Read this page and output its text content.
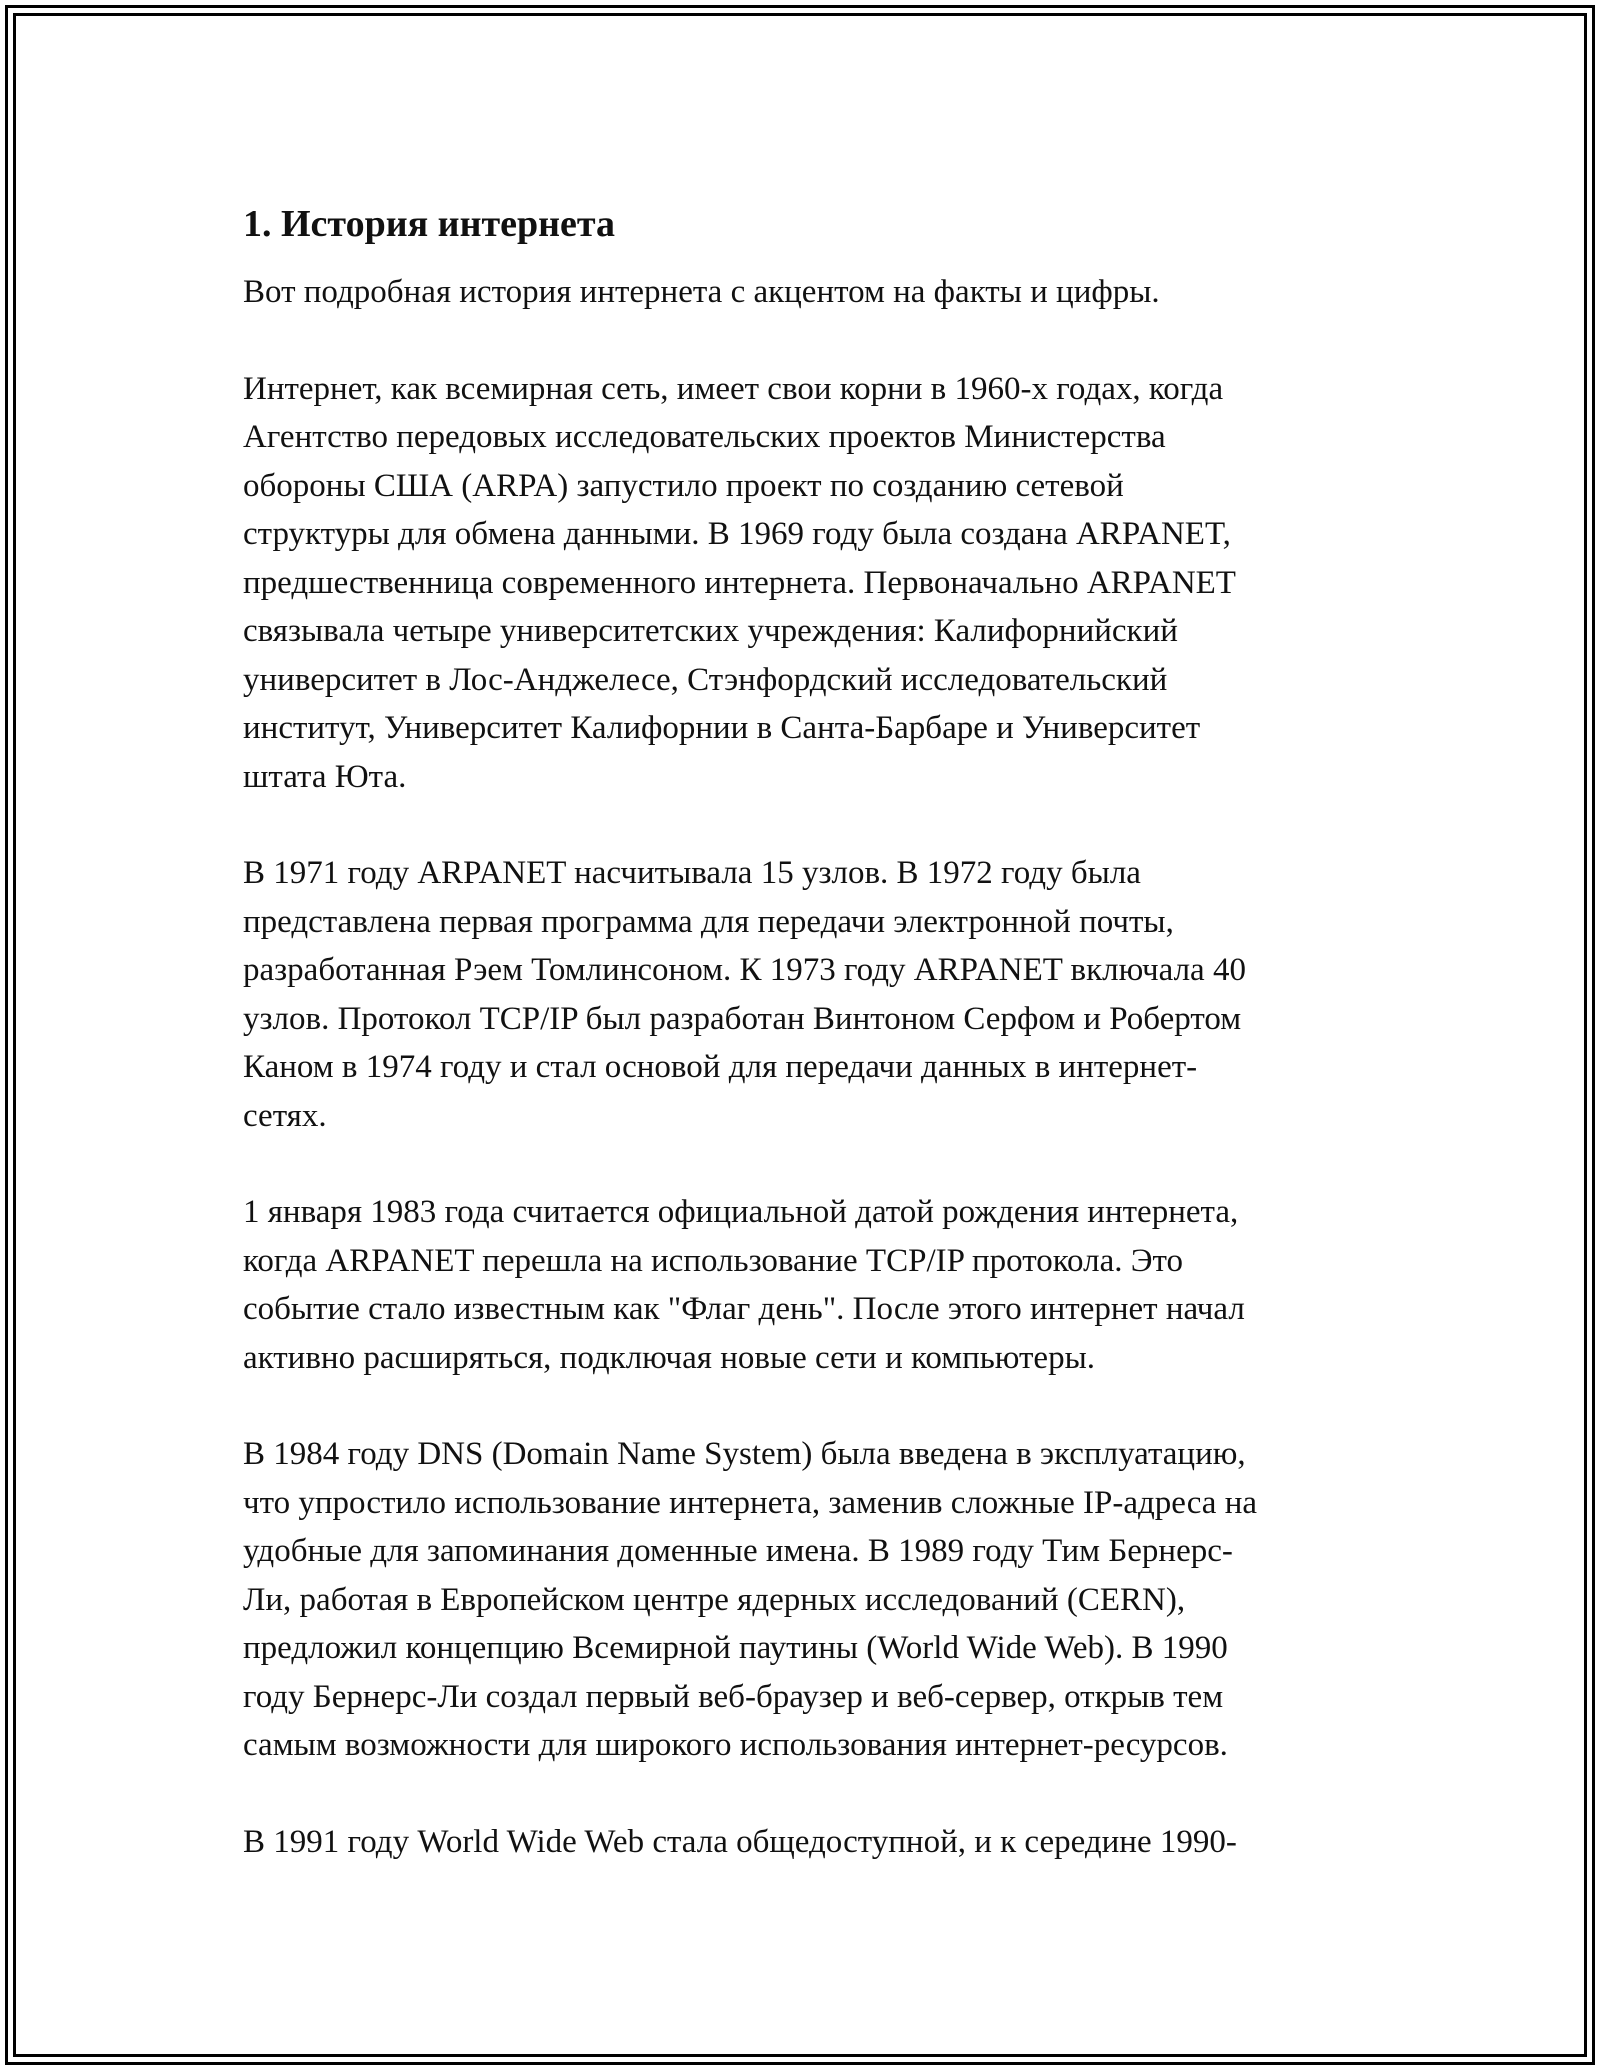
1. История интернета
Вот подробная история интернета с акцентом на факты и цифры.
Интернет, как всемирная сеть, имеет свои корни в 1960-х годах, когда
Агентство передовых исследовательских проектов Министерства
обороны США (ARPA) запустило проект по созданию сетевой
структуры для обмена данными. В 1969 году была создана ARPANET,
предшественница современного интернета. Первоначально ARPANET
связывала четыре университетских учреждения: Калифорнийский
университет в Лос-Анджелесе, Стэнфордский исследовательский
институт, Университет Калифорнии в Санта-Барбаре и Университет
штата Юта.
В 1971 году ARPANET насчитывала 15 узлов. В 1972 году была
представлена первая программа для передачи электронной почты,
разработанная Рэем Томлинсоном. К 1973 году ARPANET включала 40
узлов. Протокол TCP/IP был разработан Винтоном Серфом и Робертом
Каном в 1974 году и стал основой для передачи данных в интернет-
сетях.
1 января 1983 года считается официальной датой рождения интернета,
когда ARPANET перешла на использование TCP/IP протокола. Это
событие стало известным как "Флаг день". После этого интернет начал
активно расширяться, подключая новые сети и компьютеры.
В 1984 году DNS (Domain Name System) была введена в эксплуатацию,
что упростило использование интернета, заменив сложные IP-адреса на
удобные для запоминания доменные имена. В 1989 году Тим Бернерс-
Ли, работая в Европейском центре ядерных исследований (CERN),
предложил концепцию Всемирной паутины (World Wide Web). В 1990
году Бернерс-Ли создал первый веб-браузер и веб-сервер, открыв тем
самым возможности для широкого использования интернет-ресурсов.
В 1991 году World Wide Web стала общедоступной, и к середине 1990-
